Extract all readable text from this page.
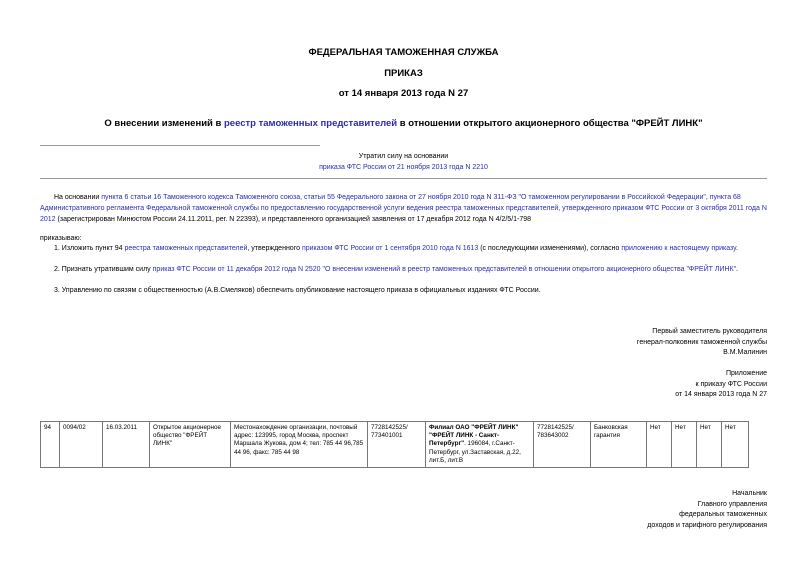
ФЕДЕРАЛЬНАЯ ТАМОЖЕННАЯ СЛУЖБА
ПРИКАЗ
от 14 января 2013 года N 27
О внесении изменений в реестр таможенных представителей в отношении открытого акционерного общества "ФРЕЙТ ЛИНК"
Утратил силу на основании
приказа ФТС России от 21 ноября 2013 года N 2210
На основании пункта 6 статьи 16 Таможенного кодекса Таможенного союза, статьи 55 Федерального закона от 27 ноября 2010 года N 311-ФЗ "О таможенном регулировании в Российской Федерации", пункта 68 Административного регламента Федеральной таможенной службы по предоставлению государственной услуги ведения реестра таможенных представителей, утвержденного приказом ФТС России от 3 октября 2011 года N 2012 (зарегистрирован Минюстом России 24.11.2011, рег. N 22393), и представленного организацией заявления от 17 декабря 2012 года N 4/2/5/1-798
приказываю:
1. Изложить пункт 94 реестра таможенных представителей, утвержденного приказом ФТС России от 1 сентября 2010 года N 1613 (с последующими изменениями), согласно приложению к настоящему приказу.
2. Признать утратившим силу приказ ФТС России от 11 декабря 2012 года N 2520 "О внесении изменений в реестр таможенных представителей в отношении открытого акционерного общества "ФРЕЙТ ЛИНК".
3. Управлению по связям с общественностью (А.В.Смеляков) обеспечить опубликование настоящего приказа в официальных изданиях ФТС России.
Первый заместитель руководителя
генерал-полковник таможенной службы
В.М.Малинин
Приложение
к приказу ФТС России
от 14 января 2013 года N 27
94	0094/02	16.03.2011	Открытое акционерное общество "ФРЕЙТ ЛИНК"	Местонахождение организации, почтовый адрес: 123995, город Москва, проспект Маршала Жукова, дом 4; тел: 785 44 96,785 44 96, факс: 785 44 98	7728142525/ 773401001	Филиал ОАО "ФРЕЙТ ЛИНК" "ФРЕЙТ ЛИНК - Санкт-Петербург". 196084, г.Санкт-Петербург, ул.Заставская, д.22, лит.Б, лит.В	7728142525/ 783643002	Банковская гарантия	Нет	Нет	Нет	Нет
Начальник
Главного управления
федеральных таможенных
доходов и тарифного регулирования
